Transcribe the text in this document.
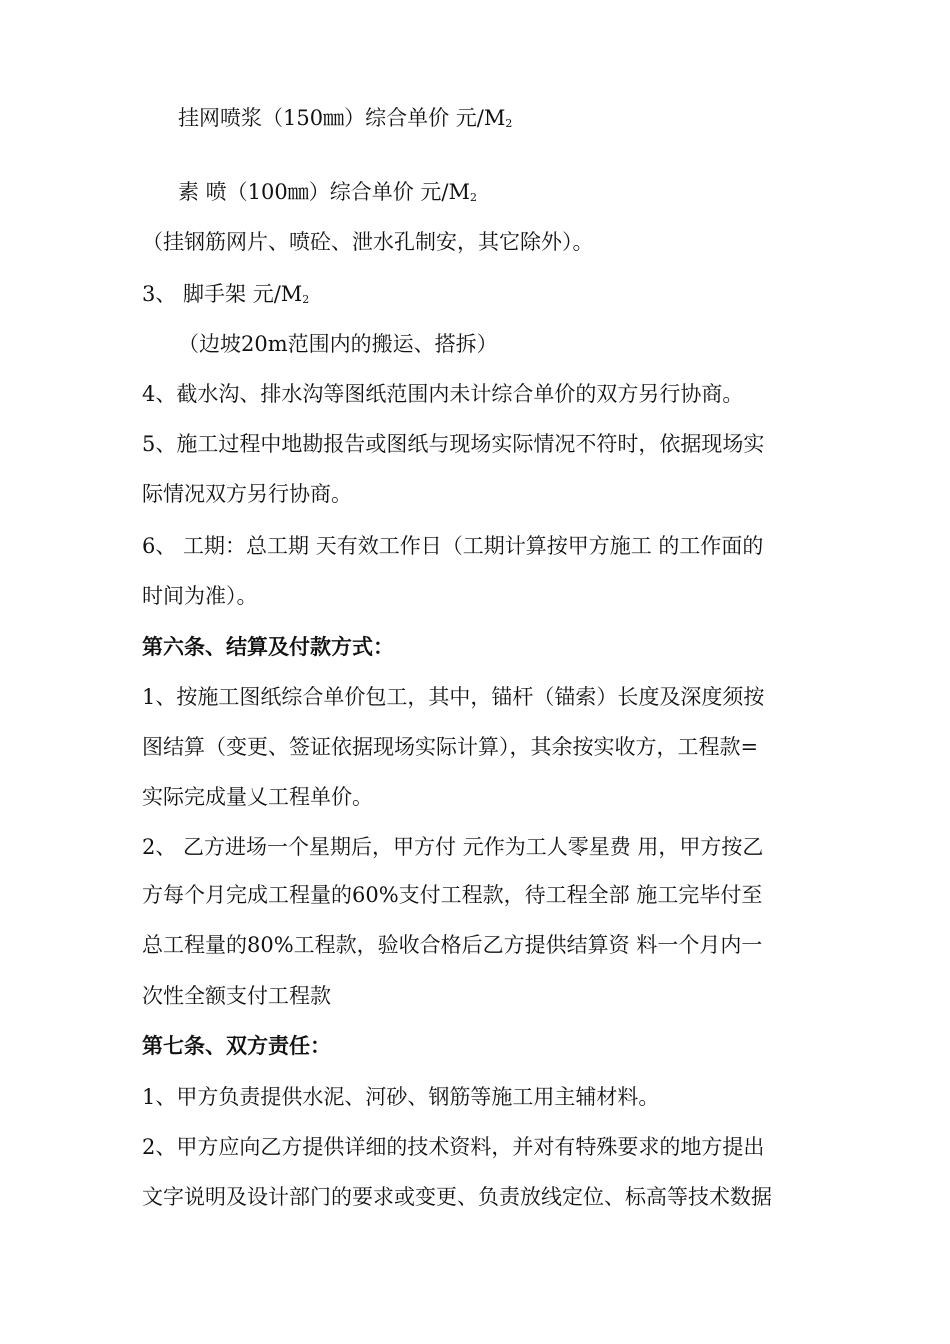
挂网喷浆（150㎜）综合单价 元/M2
素 喷（100㎜）综合单价 元/M2
（挂钢筋网片、喷砼、泄水孔制安，其它除外）。
3、 脚手架 元/M2
（边坡20m范围内的搬运、搭拆）
4、截水沟、排水沟等图纸范围内未计综合单价的双方另行协商。
5、施工过程中地勘报告或图纸与现场实际情况不符时，依据现场实
际情况双方另行协商。
6、 工期：总工期 天有效工作日（工期计算按甲方施工 的工作面的
时间为准）。
第六条、结算及付款方式：
1、按施工图纸综合单价包工，其中，锚杆（锚索）长度及深度须按
图结算（变更、签证依据现场实际计算），其余按实收方，工程款=
实际完成量乂工程单价。
2、 乙方进场一个星期后，甲方付 元作为工人零星费 用，甲方按乙
方每个月完成工程量的60%支付工程款，待工程全部 施工完毕付至
总工程量的80%工程款，验收合格后乙方提供结算资 料一个月内一
次性全额支付工程款
第七条、双方责任：
1、甲方负责提供水泥、河砂、钢筋等施工用主辅材料。
2、甲方应向乙方提供详细的技术资料，并对有特殊要求的地方提出
文字说明及设计部门的要求或变更、负责放线定位、标高等技术数据
